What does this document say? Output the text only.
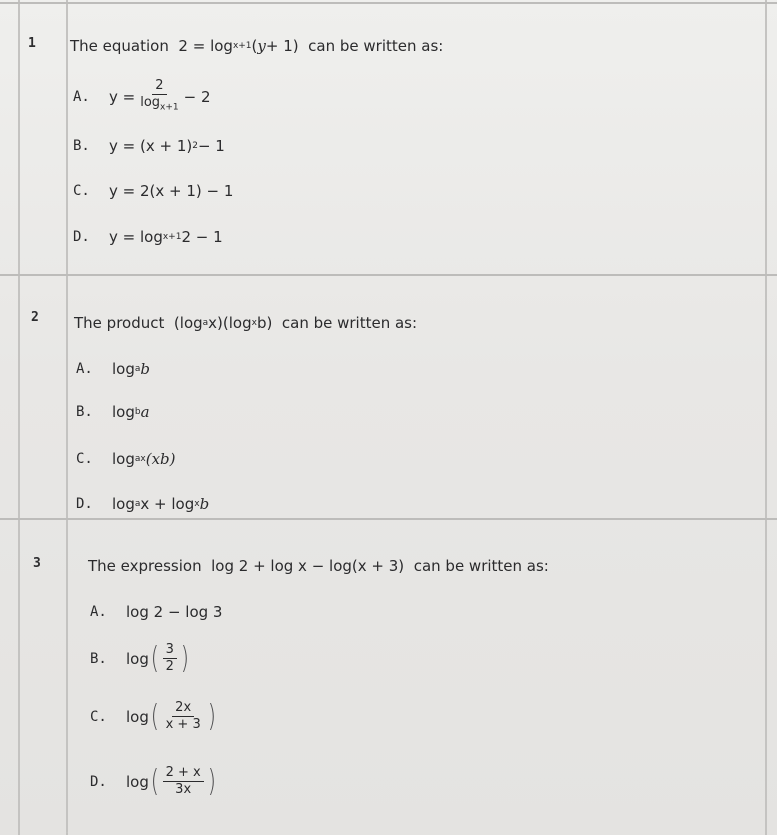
1 The equation 2 = log x+1 ( y + 1) can be written as:
A.	$y = \frac{2}{\log_{x+1}} - 2$
B.	y = (x + 1) 2 − 1
C.	y = 2(x + 1) − 1
D.	y = log x+1 2 − 1
2 The product (log a x)(log x b) can be written as:
A.	log a b
B.	log b a
C.	log ax (xb)
D.	log a x + log x b
3	The expression log 2 + log x − log(x + 3) can be written as:
A.	log 2 − log 3
B.	log ( $\frac{3}{2}$ )
C.	log ( $\frac{2x}{x + 3}$ )
D.	log ( $\frac{2 + x}{3x}$ )
The equation 2 = log_{x+1}(y + 1) can be written as: y = 2 / log_{x+1} − 2 y = (x + 1)^2 − 1 y = 2(x + 1) − 1 y = log_{x+1} 2 − 1 The product (log_a x)(log_x b) can be written as: log_a b log_b a log_{ax}(xb) log_a x + log_x b The expression log 2 + log x − log(x + 3) can be written as: log 2 − log 3 log(3/2) log(2x/(x + 3)) log((2 + x)/3x)
